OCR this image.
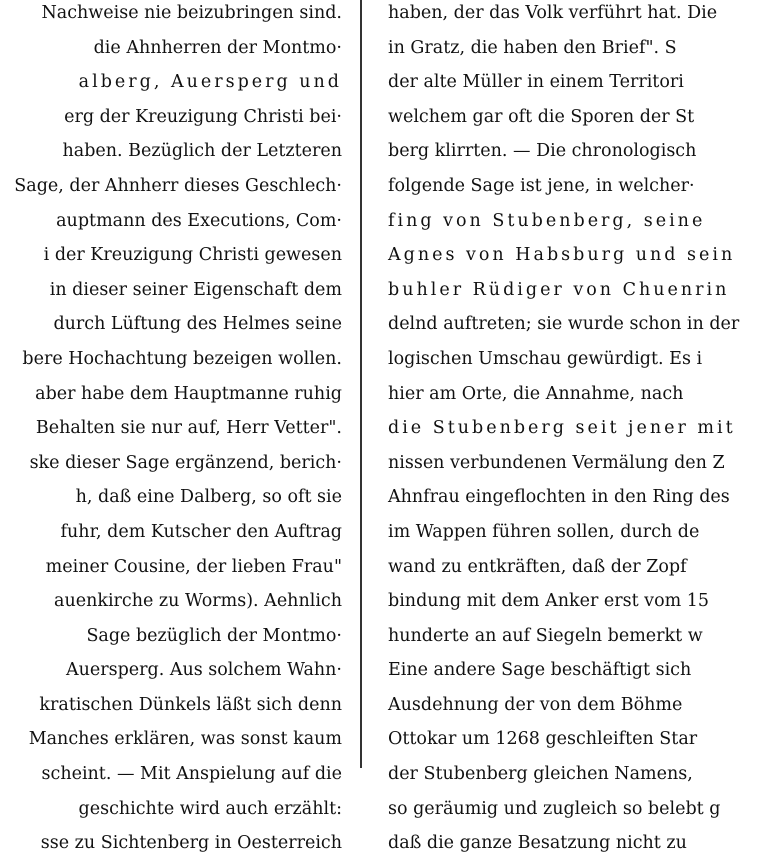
Nachweise nie beizubringen sind.
die Ahnherren der Montmo·
alberg, Auersperg und
erg der Kreuzigung Christi bei·
haben. Bezüglich der Letzteren
Sage, der Ahnherr dieses Geschlech·
auptmann des Executions, Com·
i der Kreuzigung Christi gewesen
in dieser seiner Eigenschaft dem
durch Lüftung des Helmes seine
bere Hochachtung bezeigen wollen.
aber habe dem Hauptmanne ruhig
Behalten sie nur auf, Herr Vetter".
ske dieser Sage ergänzend, berich·
h, daß eine Dalberg, so oft sie
fuhr, dem Kutscher den Auftrag
meiner Cousine, der lieben Frau"
auenkirche zu Worms). Aehnlich
Sage bezüglich der Montmo·
Auersperg. Aus solchem Wahn·
kratischen Dünkels läßt sich denn
Manches erklären, was sonst kaum
scheint. — Mit Anspielung auf die
geschichte wird auch erzählt:
sse zu Sichtenberg in Oesterreich
haben, der das Volk verführt hat. Die
in Gratz, die haben den Brief". S
der alte Müller in einem Territori
welchem gar oft die Sporen der St
berg klirrten. — Die chronologisch
folgende Sage ist jene, in welcher·
fing von Stubenberg, seine
Agnes von Habsburg und sein
buhler Rüdiger von Chuenrin
delnd auftreten; sie wurde schon in der
logischen Umschau gewürdigt. Es i
hier am Orte, die Annahme, nach
die Stubenberg seit jener mit
nissen verbundenen Vermälung den Z
Ahnfrau eingeflochten in den Ring des
im Wappen führen sollen, durch de
wand zu entkräften, daß der Zopf
bindung mit dem Anker erst vom 15
hunderte an auf Siegeln bemerkt w
Eine andere Sage beschäftigt sich
Ausdehnung der von dem Böhme
Ottokar um 1268 geschleiften Star
der Stubenberg gleichen Namens,
so geräumig und zugleich so belebt g
daß die ganze Besatzung nicht zu
